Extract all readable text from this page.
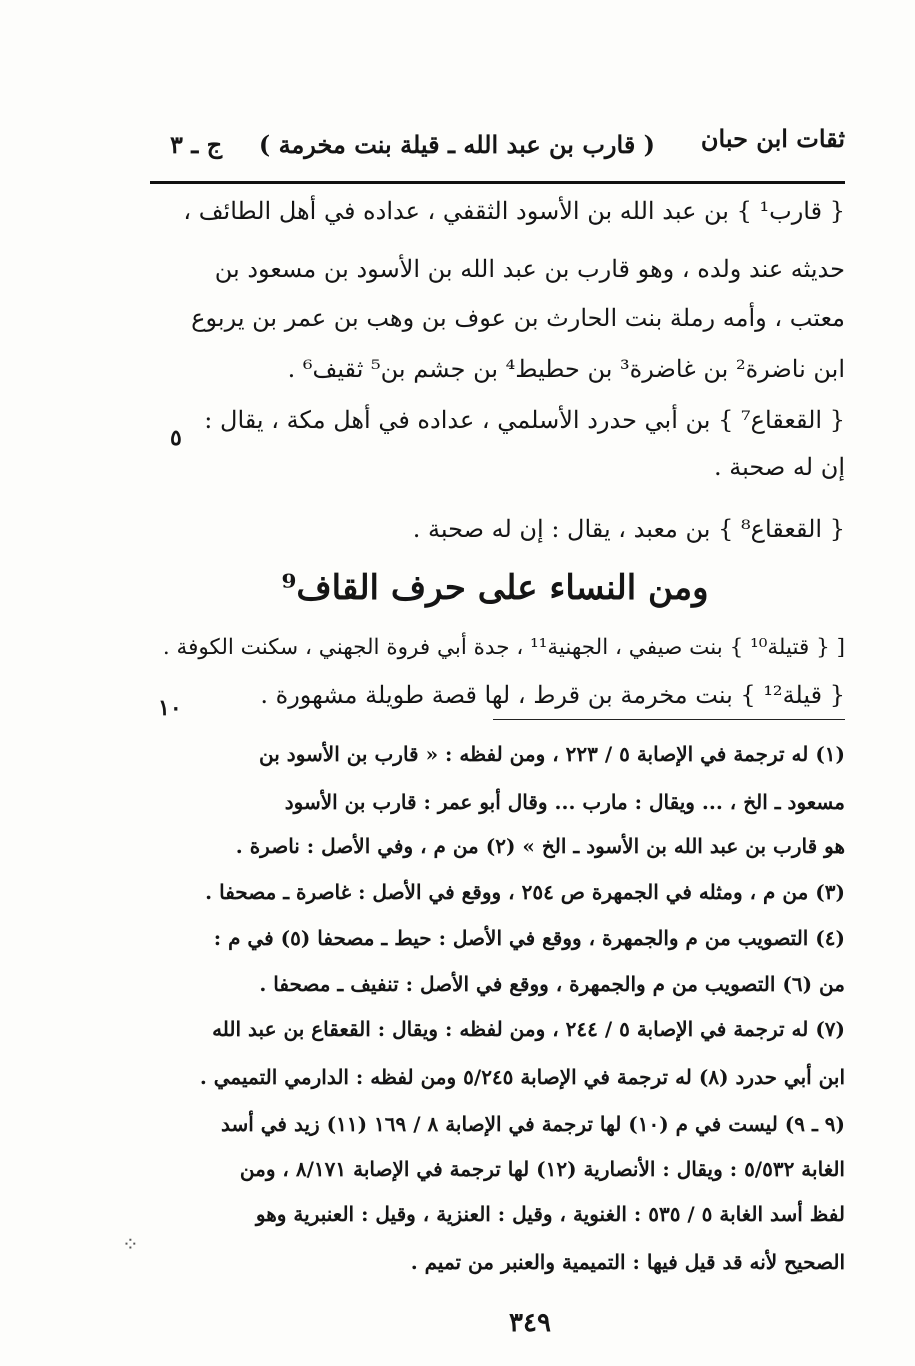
ثقات ابن حبان
( قارب بن عبد الله ـ قيلة بنت مخرمة )
ج ـ ٣
{ قارب¹ } بن عبد الله بن الأسود الثقفي ، عداده في أهل الطائف ،
حديثه عند ولده ، وهو قارب بن عبد الله بن الأسود بن مسعود بن
معتب ، وأمه رملة بنت الحارث بن عوف بن وهب بن عمر بن يربوع
ابن ناضرة² بن غاضرة³ بن حطيط⁴ بن جشم بن⁵ ثقيف⁶ .
{ القعقاع⁷ } بن أبي حدرد الأسلمي ، عداده في أهل مكة ، يقال :
إن له صحبة .
{ القعقاع⁸ } بن معبد ، يقال : إن له صحبة .
ومن النساء على حرف القاف⁹
[ { قتيلة¹⁰ } بنت صيفي ، الجهنية¹¹ ، جدة أبي فروة الجهني ، سكنت الكوفة .
{ قيلة¹² } بنت مخرمة بن قرط ، لها قصة طويلة مشهورة .
٥
١٠
(١) له ترجمة في الإصابة ٥ / ٢٢٣ ، ومن لفظه : « قارب بن الأسود بن
مسعود ـ الخ ، ... ويقال : مارب ... وقال أبو عمر : قارب بن الأسود
هو قارب بن عبد الله بن الأسود ـ الخ » (٢) من م ، وفي الأصل : ناصرة .
(٣) من م ، ومثله في الجمهرة ص ٢٥٤ ، ووقع في الأصل : غاصرة ـ مصحفا .
(٤) التصويب من م والجمهرة ، ووقع في الأصل : حيط ـ مصحفا (٥) في م :
من (٦) التصويب من م والجمهرة ، ووقع في الأصل : تنفيف ـ مصحفا .
(٧) له ترجمة في الإصابة ٥ / ٢٤٤ ، ومن لفظه : ويقال : القعقاع بن عبد الله
ابن أبي حدرد (٨) له ترجمة في الإصابة ٥/٢٤٥ ومن لفظه : الدارمي التميمي .
(٩ ـ ٩) ليست في م (١٠) لها ترجمة في الإصابة ٨ / ١٦٩ (١١) زيد في أسد
الغابة ٥/٥٣٢ : ويقال : الأنصارية (١٢) لها ترجمة في الإصابة ٨/١٧١ ، ومن
لفظ أسد الغابة ٥ / ٥٣٥ : الغنوية ، وقيل : العنزية ، وقيل : العنبرية وهو
الصحيح لأنه قد قيل فيها : التميمية والعنبر من تميم .
⁘
٣٤٩
